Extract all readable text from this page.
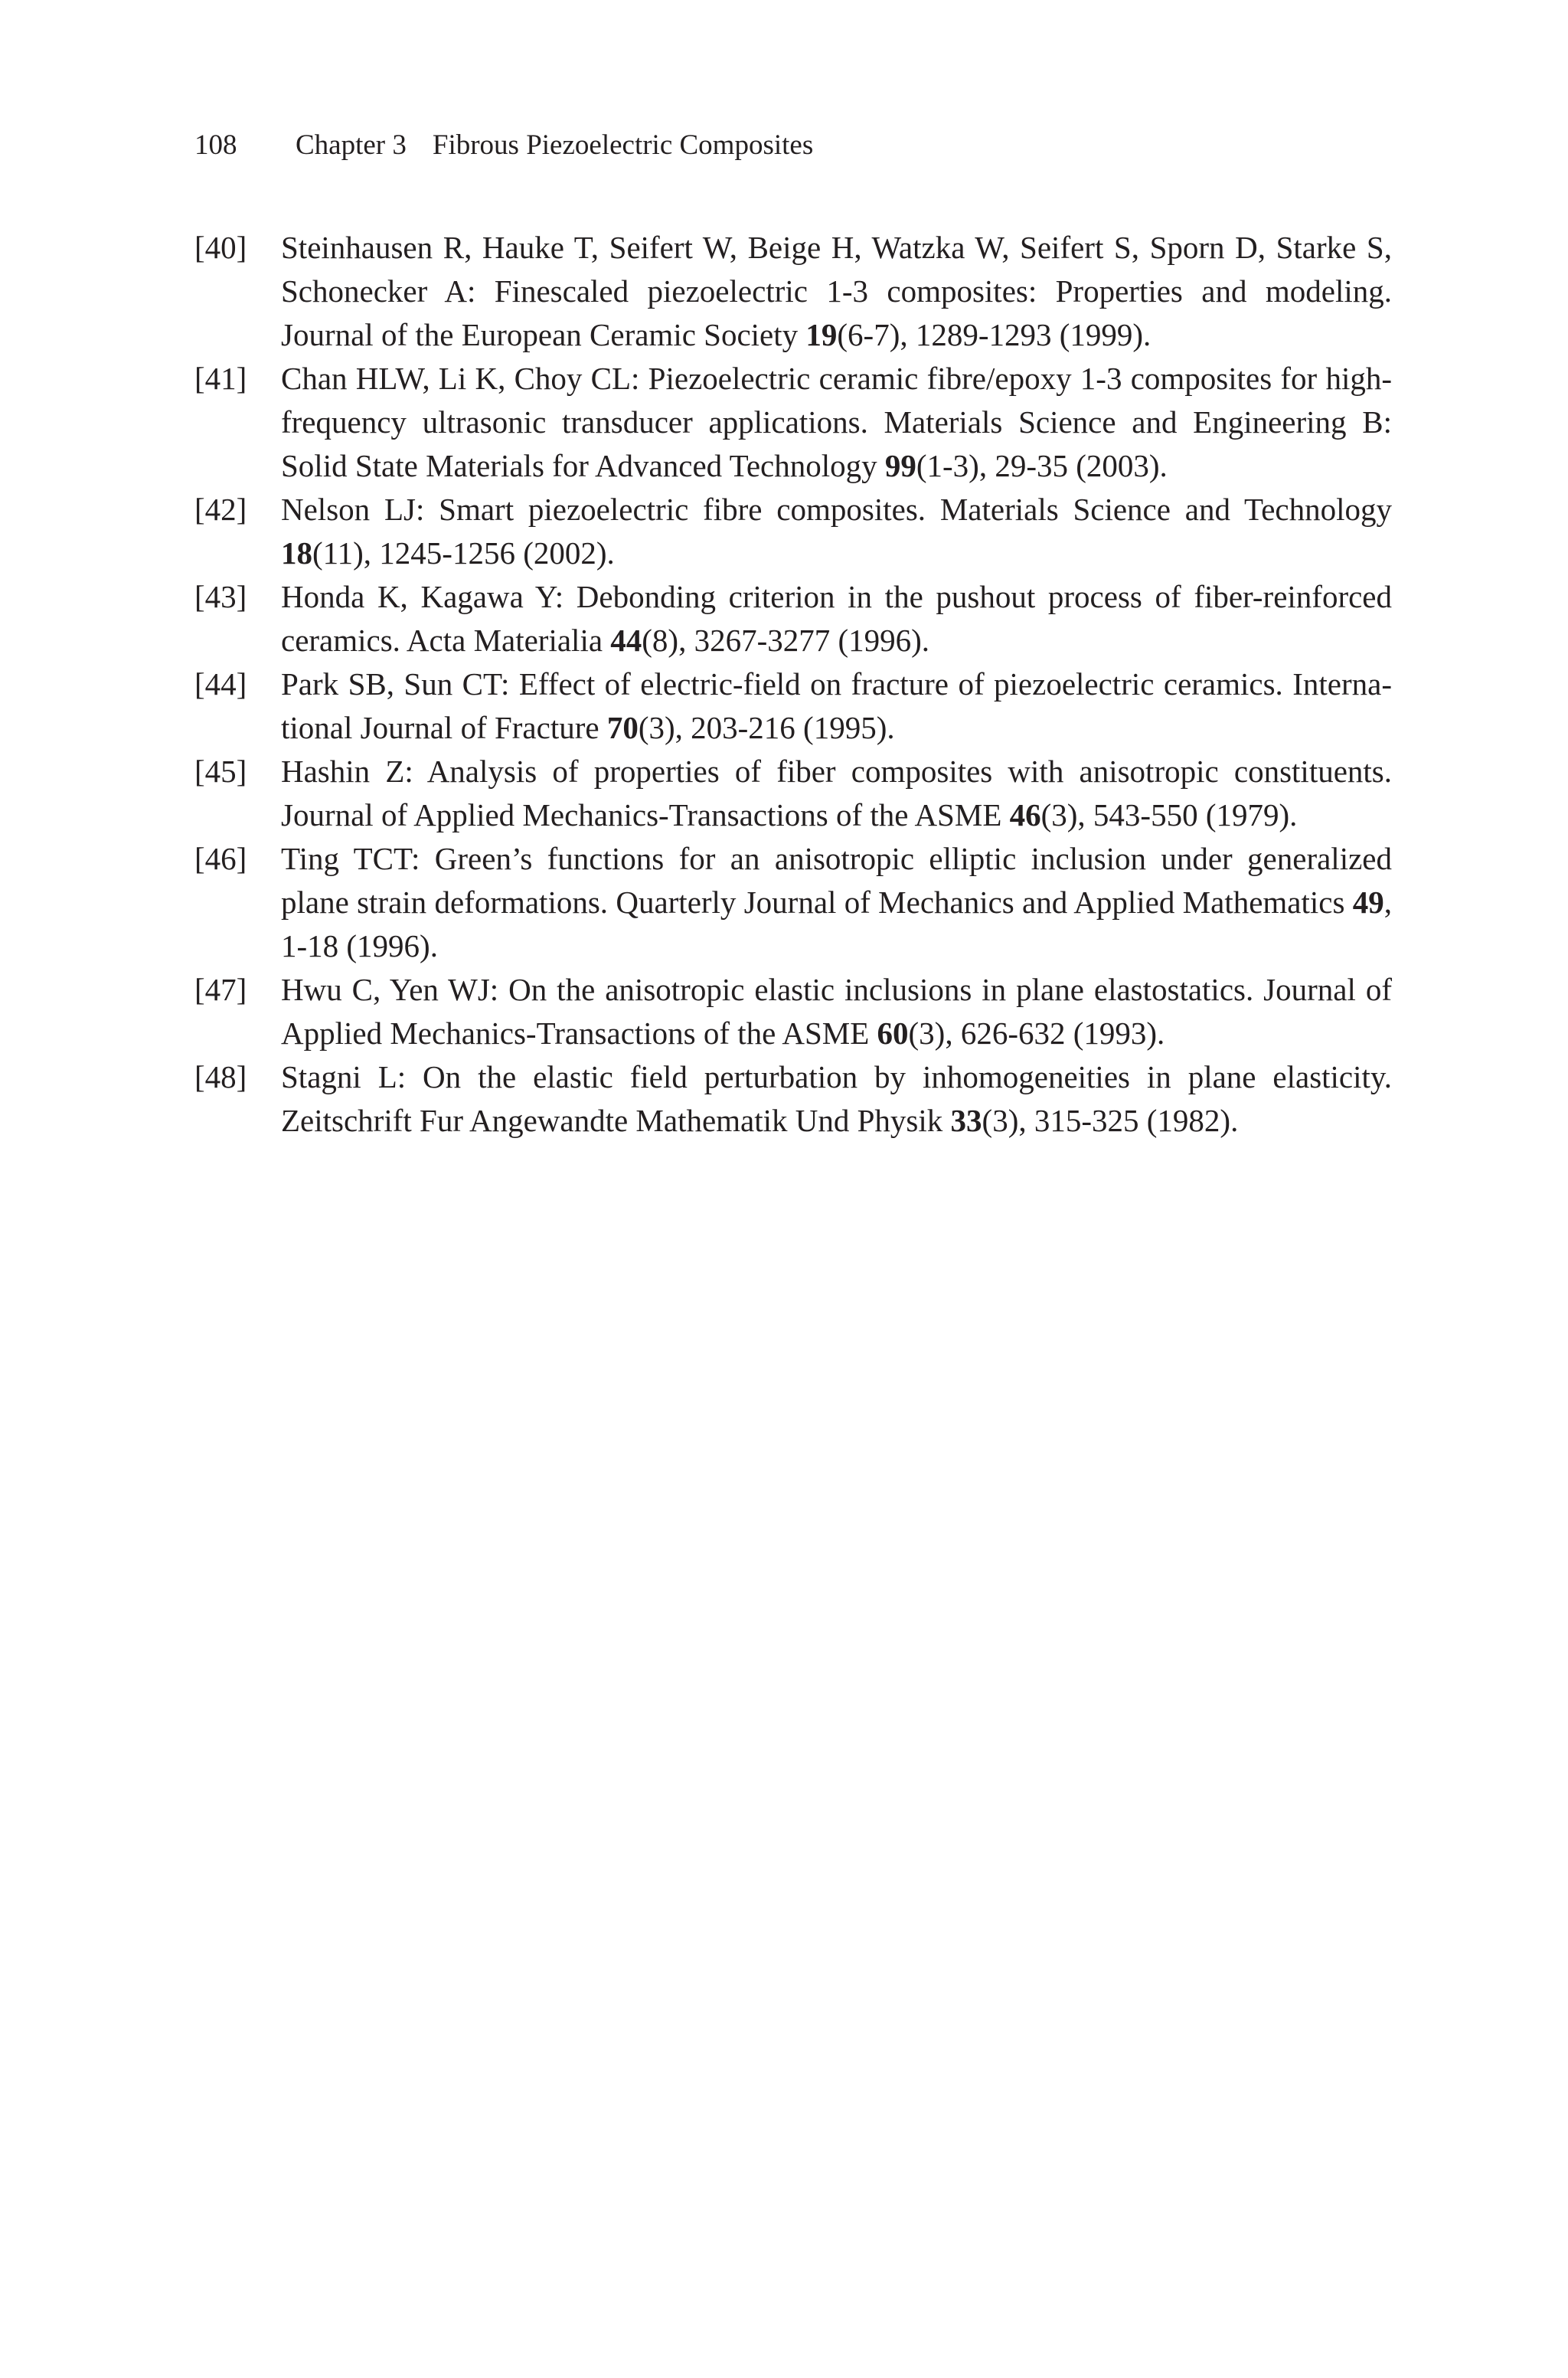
108 Chapter 3 Fibrous Piezoelectric Composites
[40]	Steinhausen R, Hauke T, Seifert W, Beige H, Watzka W, Seifert S, Sporn D, Starke S, Schonecker A: Finescaled piezoelectric 1-3 composites: Properties and modeling. Journal of the European Ceramic Society 19(6-7), 1289-1293 (1999).
[41]	Chan HLW, Li K, Choy CL: Piezoelectric ceramic fibre/epoxy 1-3 composites for high-frequency ultrasonic transducer applications. Materials Science and Engineering B: Solid State Materials for Advanced Technology 99(1-3), 29-35 (2003).
[42]	Nelson LJ: Smart piezoelectric fibre composites. Materials Science and Technology 18(11), 1245-1256 (2002).
[43]	Honda K, Kagawa Y: Debonding criterion in the pushout process of fiber-reinforced ceramics. Acta Materialia 44(8), 3267-3277 (1996).
[44]	Park SB, Sun CT: Effect of electric-field on fracture of piezoelectric ceramics. International Journal of Fracture 70(3), 203-216 (1995).
[45]	Hashin Z: Analysis of properties of fiber composites with anisotropic constituents. Journal of Applied Mechanics-Transactions of the ASME 46(3), 543-550 (1979).
[46]	Ting TCT: Green’s functions for an anisotropic elliptic inclusion under generalized plane strain deformations. Quarterly Journal of Mechanics and Applied Mathematics 49, 1-18 (1996).
[47]	Hwu C, Yen WJ: On the anisotropic elastic inclusions in plane elastostatics. Journal of Applied Mechanics-Transactions of the ASME 60(3), 626-632 (1993).
[48]	Stagni L: On the elastic field perturbation by inhomogeneities in plane elasticity. Zeitschrift Fur Angewandte Mathematik Und Physik 33(3), 315-325 (1982).
